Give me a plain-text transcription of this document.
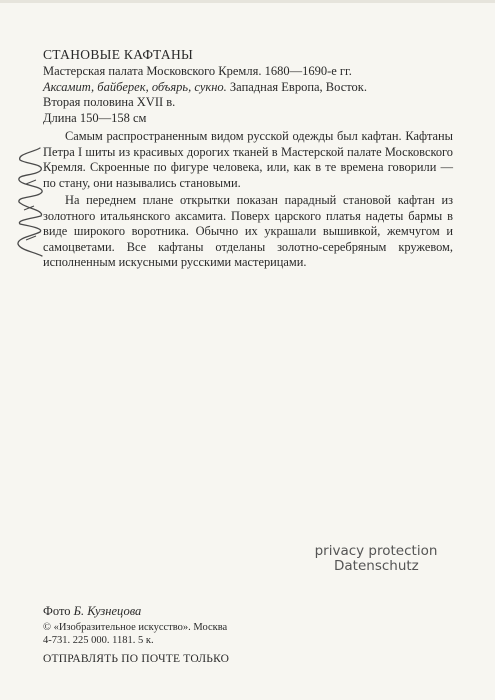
СТАНОВЫЕ КАФТАНЫ
Мастерская палата Московского Кремля. 1680—1690-е гг.
Аксамит, байберек, объярь, сукно. Западная Европа, Восток.
Вторая половина XVII в.
Длина 150—158 см

Самым распространенным видом русской одежды был кафтан. Кафтаны Петра I шиты из красивых дорогих тканей в Мастерской палате Московского Кремля. Скроенные по фигуре человека, или, как в те времена говорили — по стану, они назывались становыми.

На переднем плане открытки показан парадный становой кафтан из золотного итальянского аксамита. Поверх царского платья надеты бармы в виде широкого воротника. Обычно их украшали вышивкой, жемчугом и самоцветами. Все кафтаны отделаны золотно-серебряным кружевом, исполненным искусными русскими мастерицами.

privacy protection
Datenschutz
Фото Б. Кузнецова
© «Изобразительное искусство». Москва
4-731. 225 000. 1181. 5 к.
ОТПРАВЛЯТЬ ПО ПОЧТЕ ТОЛЬКО
